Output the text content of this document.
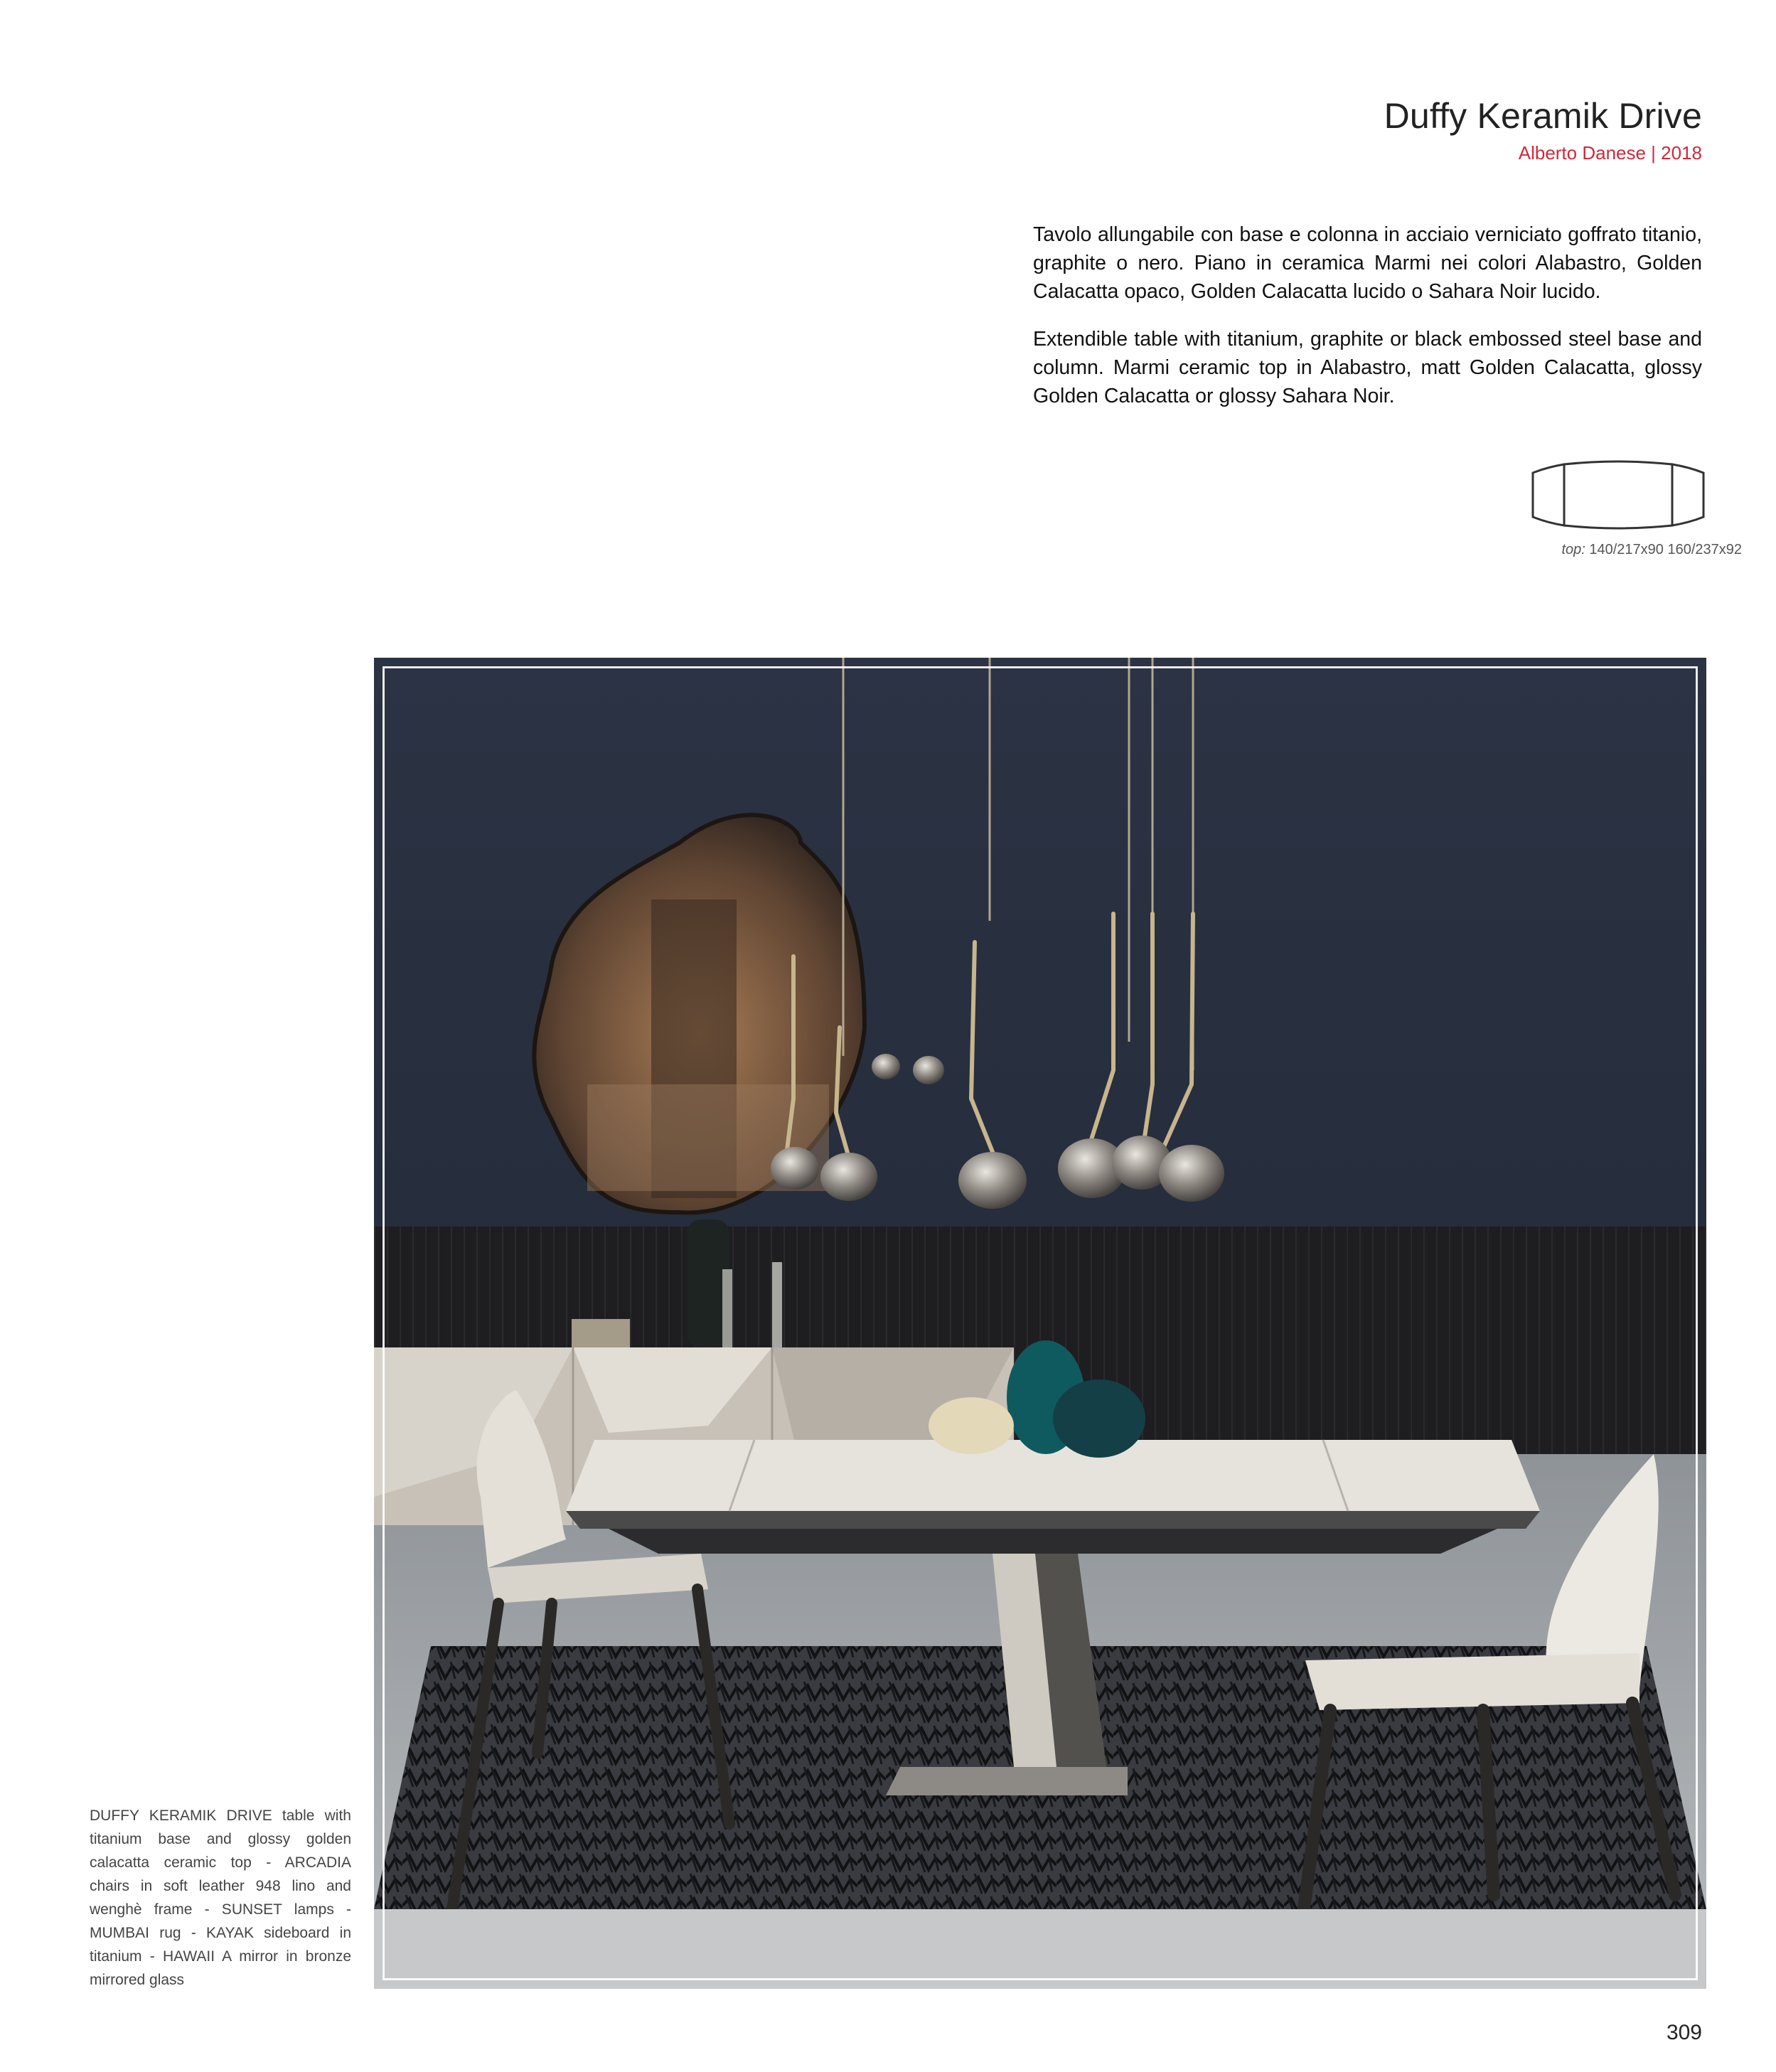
Duffy Keramik Drive
Alberto Danese | 2018

Tavolo allungabile con base e colonna in acciaio verniciato goffrato titanio, graphite o nero. Piano in ceramica Marmi nei colori Alabastro, Golden Calacatta opaco, Golden Calacatta lucido o Sahara Noir lucido.

Extendible table with titanium, graphite or black embossed steel base and column. Marmi ceramic top in Alabastro, matt Golden Calacatta, glossy Golden Calacatta or glossy Sahara Noir.

top: 140/217x90 160/237x92

DUFFY KERAMIK DRIVE table with titanium base and glossy golden calacatta ceramic top - ARCADIA chairs in soft leather 948 lino and wenghè frame - SUNSET lamps - MUMBAI rug - KAYAK sideboard in titanium - HAWAII A mirror in bronze mirrored glass

309
